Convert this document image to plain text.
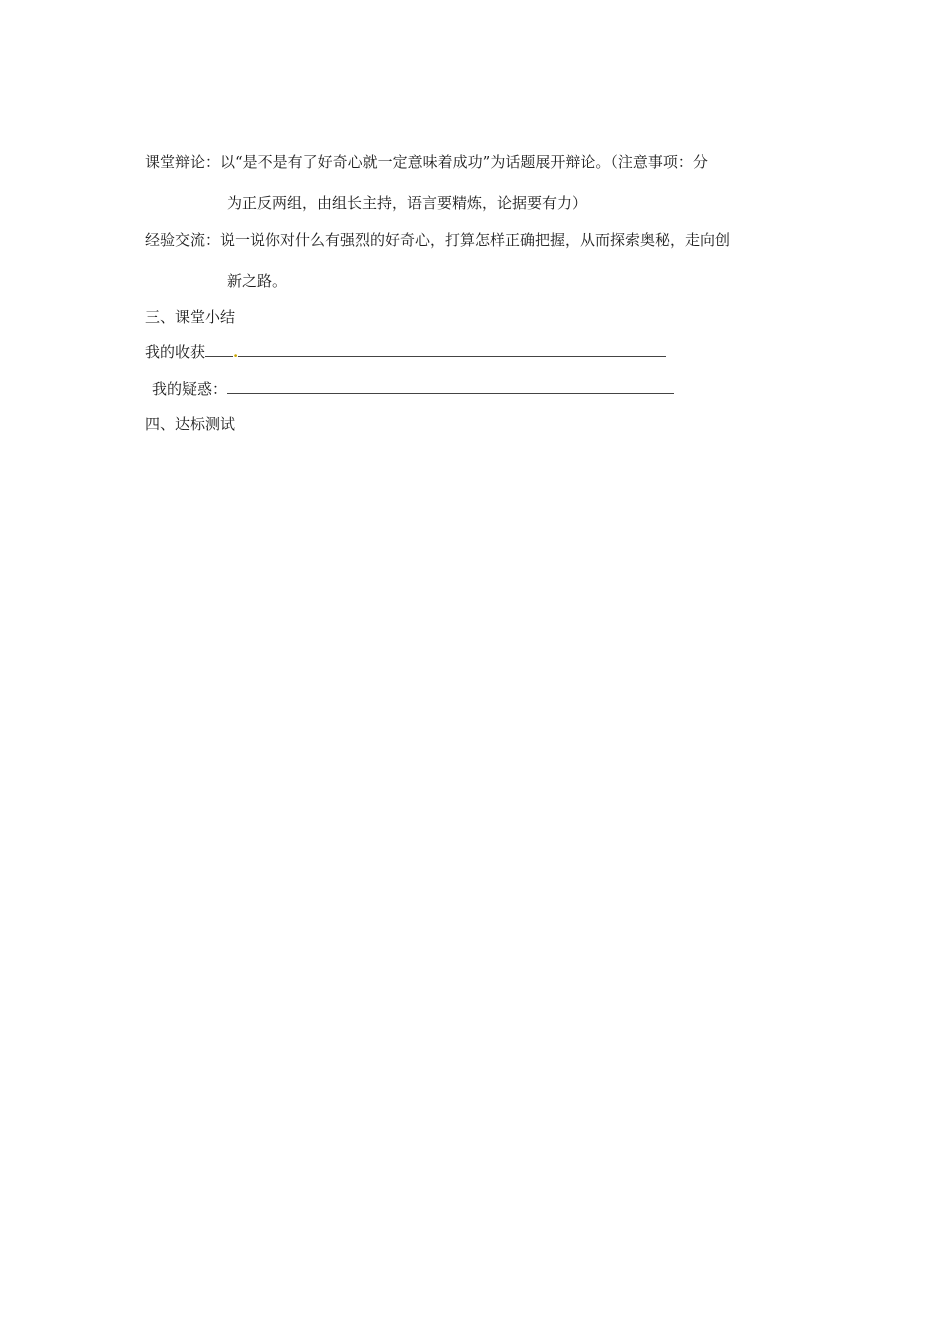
课堂辩论：以“是不是有了好奇心就一定意味着成功”为话题展开辩论。（注意事项：分
为正反两组，由组长主持，语言要精炼，论据要有力）
经验交流：说一说你对什么有强烈的好奇心，打算怎样正确把握，从而探索奥秘，走向创
新之路。
三、课堂小结
我的收获 .
我的疑惑：
四、达标测试
